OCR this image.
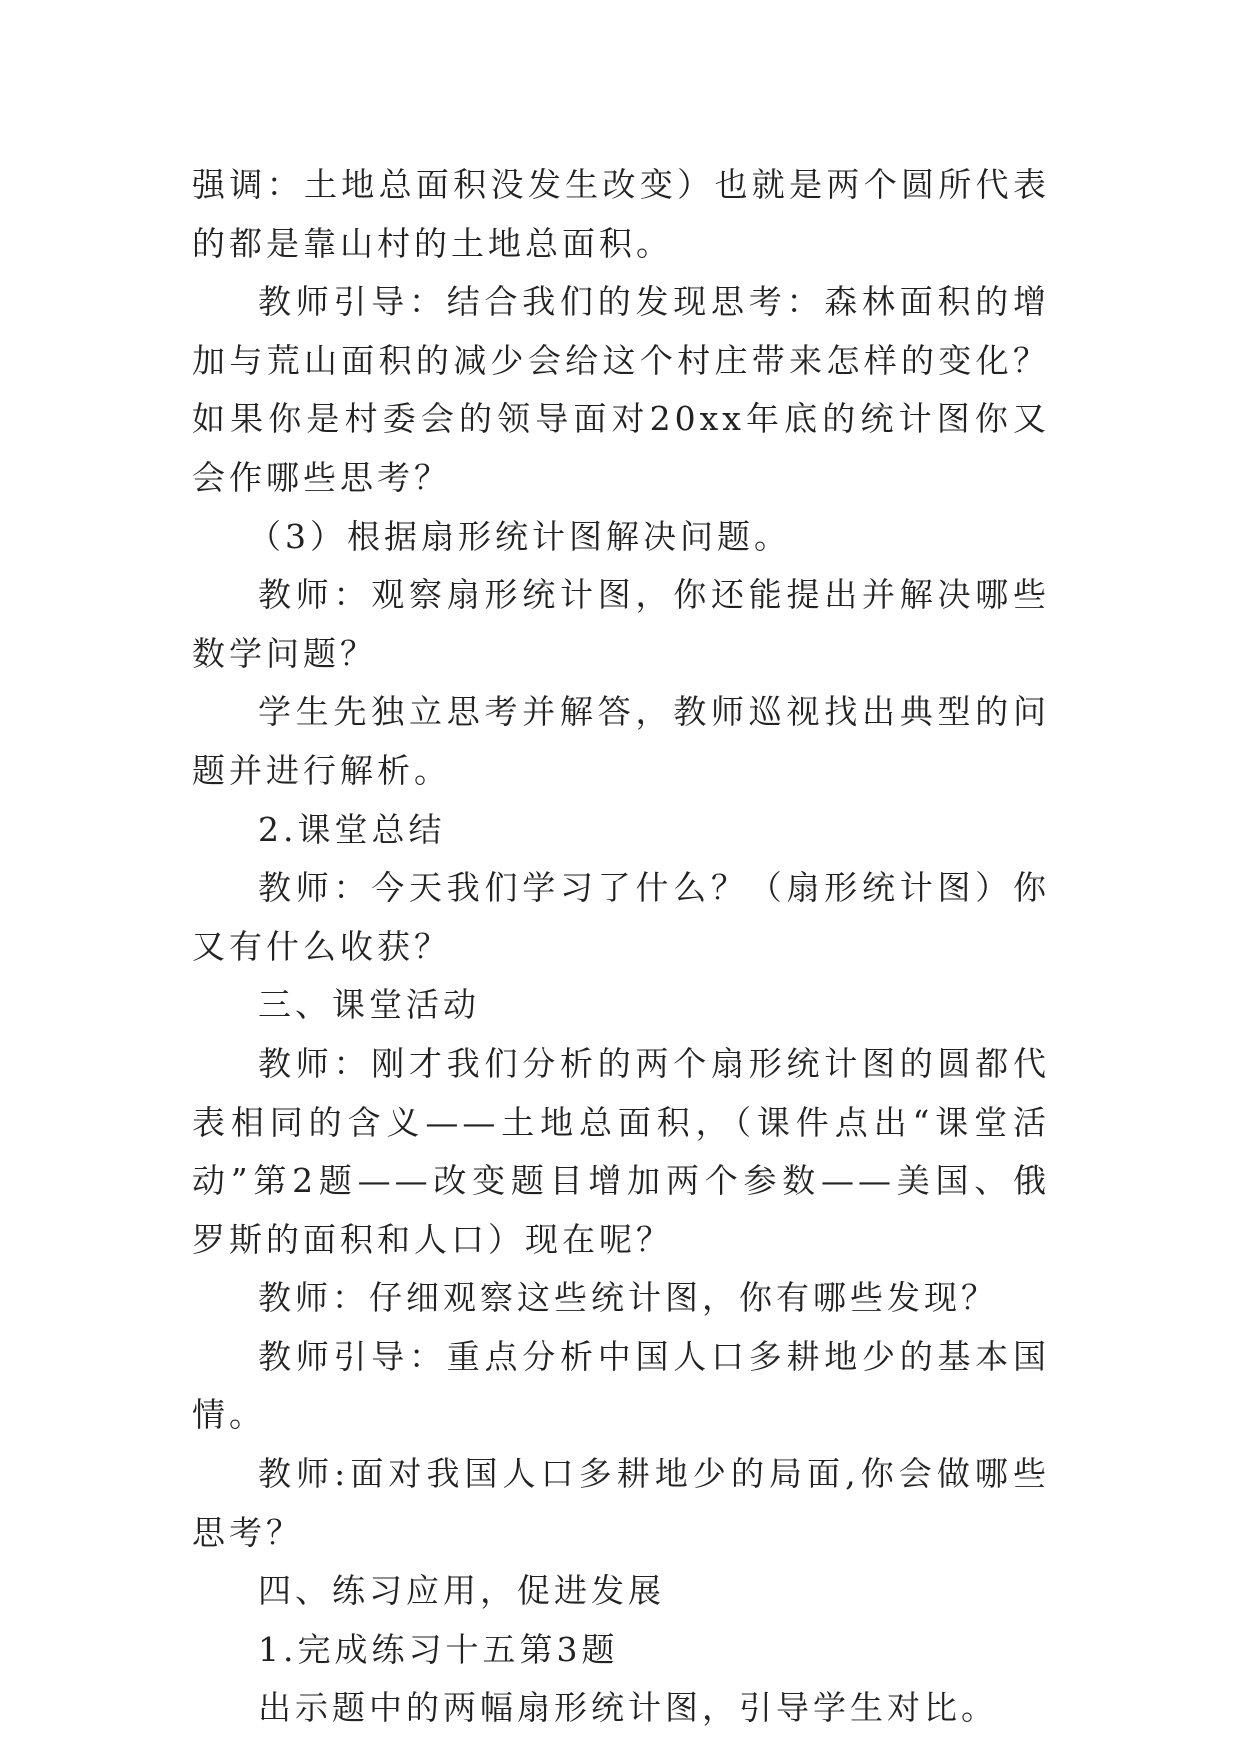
强调：土地总面积没发生改变）也就是两个圆所代表的都是靠山村的土地总面积。

教师引导：结合我们的发现思考：森林面积的增加与荒山面积的减少会给这个村庄带来怎样的变化？如果你是村委会的领导面对20xx年底的统计图你又会作哪些思考？

（3）根据扇形统计图解决问题。

教师：观察扇形统计图，你还能提出并解决哪些数学问题？

学生先独立思考并解答，教师巡视找出典型的问题并进行解析。

2.课堂总结

教师：今天我们学习了什么？（扇形统计图）你又有什么收获？

三、课堂活动

教师：刚才我们分析的两个扇形统计图的圆都代表相同的含义——土地总面积，（课件点出“课堂活动”第2题——改变题目增加两个参数——美国、俄罗斯的面积和人口）现在呢？

教师：仔细观察这些统计图，你有哪些发现？

教师引导：重点分析中国人口多耕地少的基本国情。

教师:面对我国人口多耕地少的局面,你会做哪些思考？

四、练习应用，促进发展

1.完成练习十五第3题

出示题中的两幅扇形统计图，引导学生对比。
